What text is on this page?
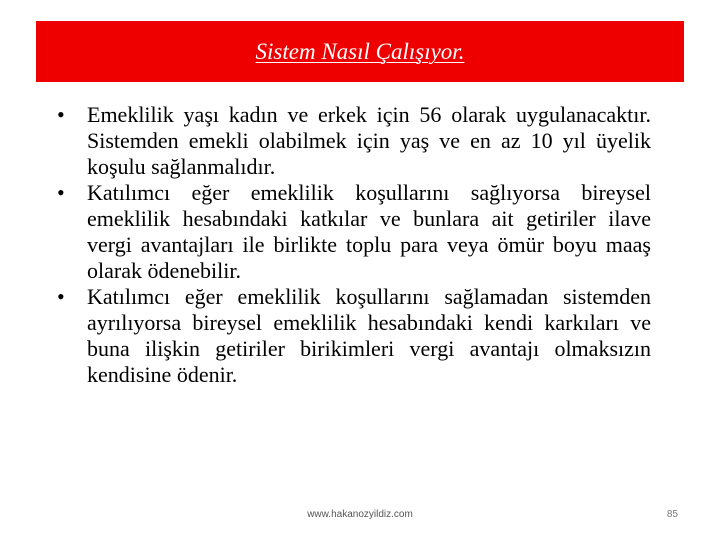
Sistem Nasıl Çalışıyor.
•	Emeklilik yaşı kadın ve erkek için 56 olarak uygulanacaktır. Sistemden emekli olabilmek için yaş ve en az 10 yıl üyelik koşulu sağlanmalıdır.
•	Katılımcı eğer emeklilik koşullarını sağlıyorsa bireysel emeklilik hesabındaki katkılar ve bunlara ait getiriler ilave vergi avantajları ile birlikte toplu para veya ömür boyu maaş olarak ödenebilir.
•	Katılımcı eğer emeklilik koşullarını sağlamadan sistemden ayrılıyorsa bireysel emeklilik hesabındaki kendi karkıları ve buna ilişkin getiriler birikimleri vergi avantajı olmaksızın kendisine ödenir.
www.hakanozyildiz.com	85
